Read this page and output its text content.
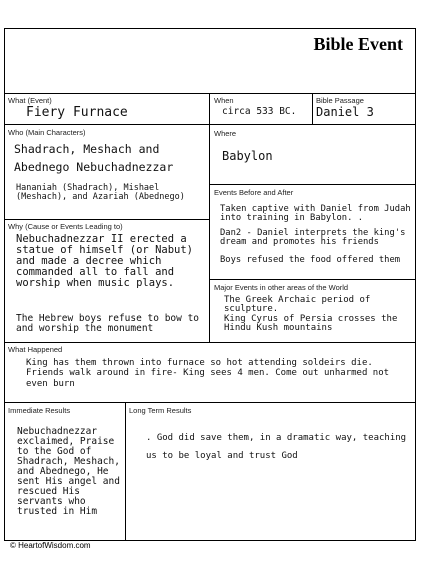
Bible Event
What (Event)
Fiery Furnace
When
circa 533 BC.
Bible Passage
Daniel 3
Who (Main Characters)
Shadrach, Meshach and Abednego Nebuchadnezzar
Hananiah (Shadrach), Mishael (Meshach), and Azariah (Abednego)
Where
Babylon
Why (Cause or Events Leading to)
Nebuchadnezzar II erected a statue of himself (or Nabut) and made a decree which commanded all to fall and worship when music plays.
The Hebrew boys refuse to bow to and worship the monument
Events Before and After
Taken captive with Daniel from Judah into training in Babylon. .
Dan2 - Daniel interprets the king's dream and promotes his friends
Boys refused the food offered them
Major Events in other areas of the World
The Greek Archaic period of sculpture.
King Cyrus of Persia crosses the Hindu Kush mountains
What Happened
King has them thrown into furnace so hot attending soldeirs die. Friends walk around in fire- King sees 4 men. Come out unharmed not even burn
Immediate Results
Nebuchadnezzar exclaimed, Praise to the God of Shadrach, Meshach, and Abednego, He sent His angel and rescued His servants who trusted in Him
Long Term Results
. God did save them, in a dramatic way, teaching us to be loyal and trust God
© HeartofWisdom.com
